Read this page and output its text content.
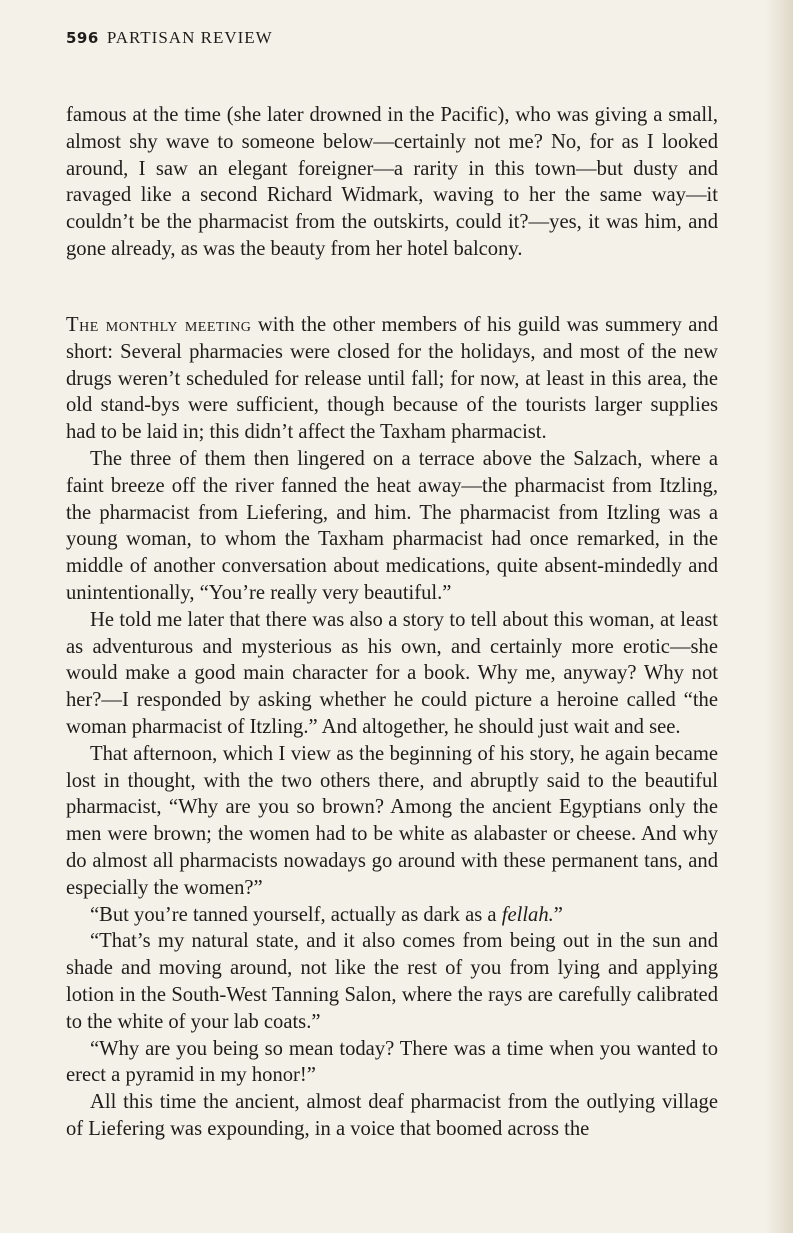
596 PARTISAN REVIEW

famous at the time (she later drowned in the Pacific), who was giving a small, almost shy wave to someone below—certainly not me? No, for as I looked around, I saw an elegant foreigner—a rarity in this town—but dusty and ravaged like a second Richard Widmark, waving to her the same way—it couldn’t be the pharmacist from the outskirts, could it?—yes, it was him, and gone already, as was the beauty from her hotel balcony.

The monthly meeting with the other members of his guild was summery and short: Several pharmacies were closed for the holidays, and most of the new drugs weren’t scheduled for release until fall; for now, at least in this area, the old stand-bys were sufficient, though because of the tourists larger supplies had to be laid in; this didn’t affect the Taxham pharmacist.

The three of them then lingered on a terrace above the Salzach, where a faint breeze off the river fanned the heat away—the pharmacist from Itzling, the pharmacist from Liefering, and him. The pharmacist from Itzling was a young woman, to whom the Taxham pharmacist had once remarked, in the middle of another conversation about medications, quite absent-mindedly and unintentionally, “You’re really very beautiful.”

He told me later that there was also a story to tell about this woman, at least as adventurous and mysterious as his own, and certainly more erotic—she would make a good main character for a book. Why me, anyway? Why not her?—I responded by asking whether he could picture a heroine called “the woman pharmacist of Itzling.” And altogether, he should just wait and see.

That afternoon, which I view as the beginning of his story, he again became lost in thought, with the two others there, and abruptly said to the beautiful pharmacist, “Why are you so brown? Among the ancient Egyptians only the men were brown; the women had to be white as alabaster or cheese. And why do almost all pharmacists nowadays go around with these permanent tans, and especially the women?”

“But you’re tanned yourself, actually as dark as a fellah.”

“That’s my natural state, and it also comes from being out in the sun and shade and moving around, not like the rest of you from lying and applying lotion in the South-West Tanning Salon, where the rays are carefully calibrated to the white of your lab coats.”

“Why are you being so mean today? There was a time when you wanted to erect a pyramid in my honor!”

All this time the ancient, almost deaf pharmacist from the outlying village of Liefering was expounding, in a voice that boomed across the
